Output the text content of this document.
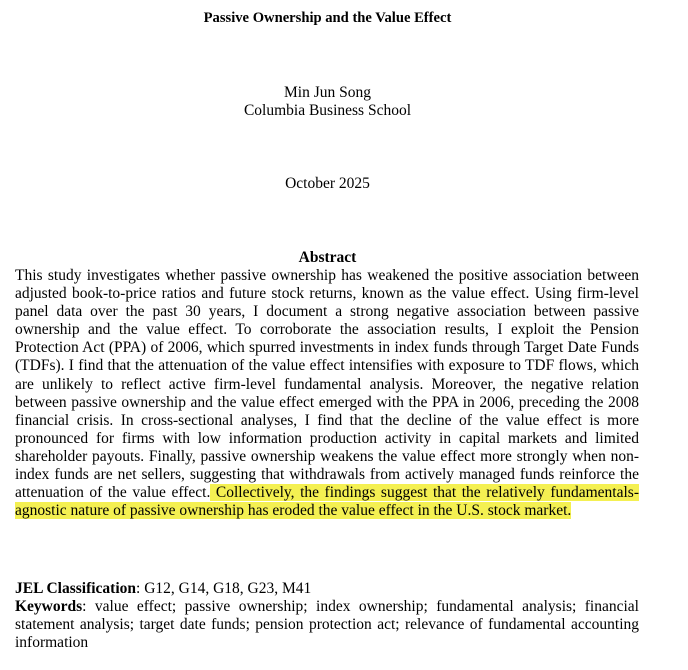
Passive Ownership and the Value Effect
Min Jun Song
Columbia Business School
October 2025
Abstract
This study investigates whether passive ownership has weakened the positive association between adjusted book-to-price ratios and future stock returns, known as the value effect. Using firm-level panel data over the past 30 years, I document a strong negative association between passive ownership and the value effect. To corroborate the association results, I exploit the Pension Protection Act (PPA) of 2006, which spurred investments in index funds through Target Date Funds (TDFs). I find that the attenuation of the value effect intensifies with exposure to TDF flows, which are unlikely to reflect active firm-level fundamental analysis. Moreover, the negative relation between passive ownership and the value effect emerged with the PPA in 2006, preceding the 2008 financial crisis. In cross-sectional analyses, I find that the decline of the value effect is more pronounced for firms with low information production activity in capital markets and limited shareholder payouts. Finally, passive ownership weakens the value effect more strongly when non-index funds are net sellers, suggesting that withdrawals from actively managed funds reinforce the attenuation of the value effect. Collectively, the findings suggest that the relatively fundamentals-agnostic nature of passive ownership has eroded the value effect in the U.S. stock market.
JEL Classification: G12, G14, G18, G23, M41
Keywords: value effect; passive ownership; index ownership; fundamental analysis; financial statement analysis; target date funds; pension protection act; relevance of fundamental accounting information
